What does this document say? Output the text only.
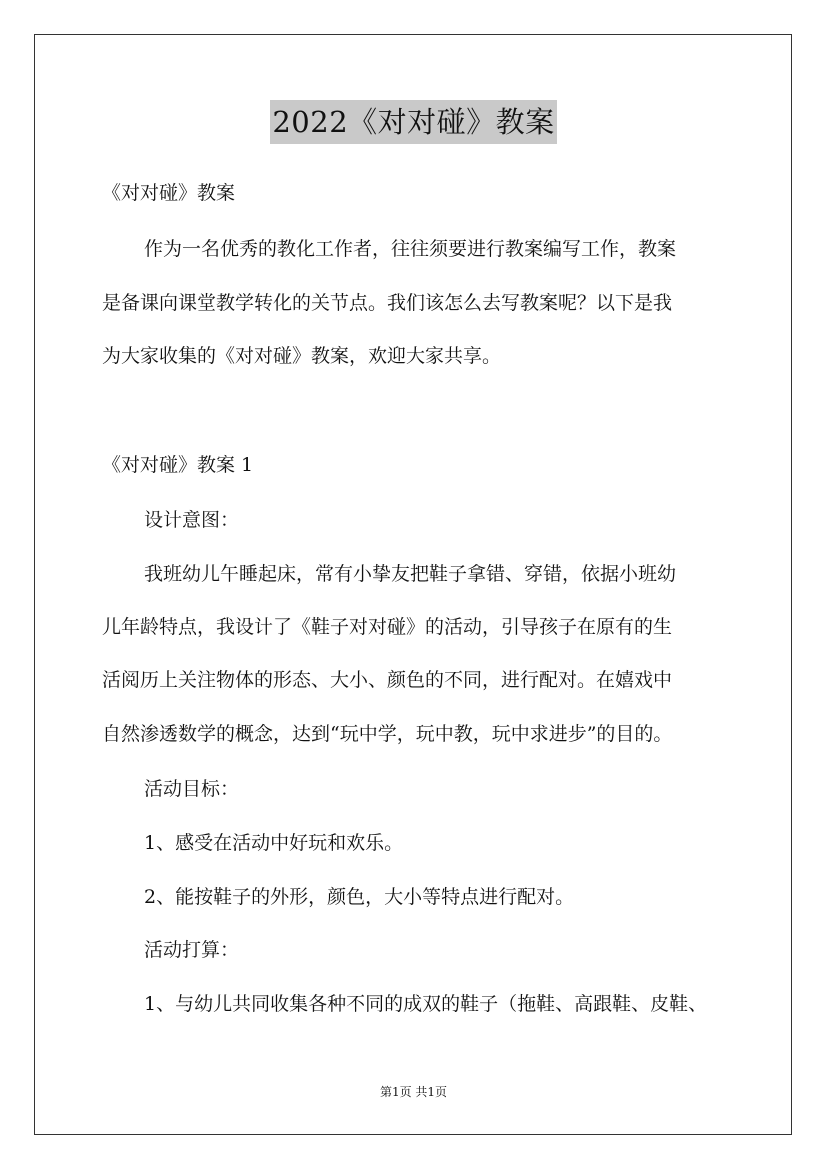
2022《对对碰》教案
《对对碰》教案
作为一名优秀的教化工作者，往往须要进行教案编写工作，教案
是备课向课堂教学转化的关节点。我们该怎么去写教案呢？以下是我
为大家收集的《对对碰》教案，欢迎大家共享。
《对对碰》教案 1
设计意图：
我班幼儿午睡起床，常有小挚友把鞋子拿错、穿错，依据小班幼
儿年龄特点，我设计了《鞋子对对碰》的活动，引导孩子在原有的生
活阅历上关注物体的形态、大小、颜色的不同，进行配对。在嬉戏中
自然渗透数学的概念，达到“玩中学，玩中教，玩中求进步”的目的。
活动目标：
1、感受在活动中好玩和欢乐。
2、能按鞋子的外形，颜色，大小等特点进行配对。
活动打算：
1、与幼儿共同收集各种不同的成双的鞋子（拖鞋、高跟鞋、皮鞋、
第1页 共1页
